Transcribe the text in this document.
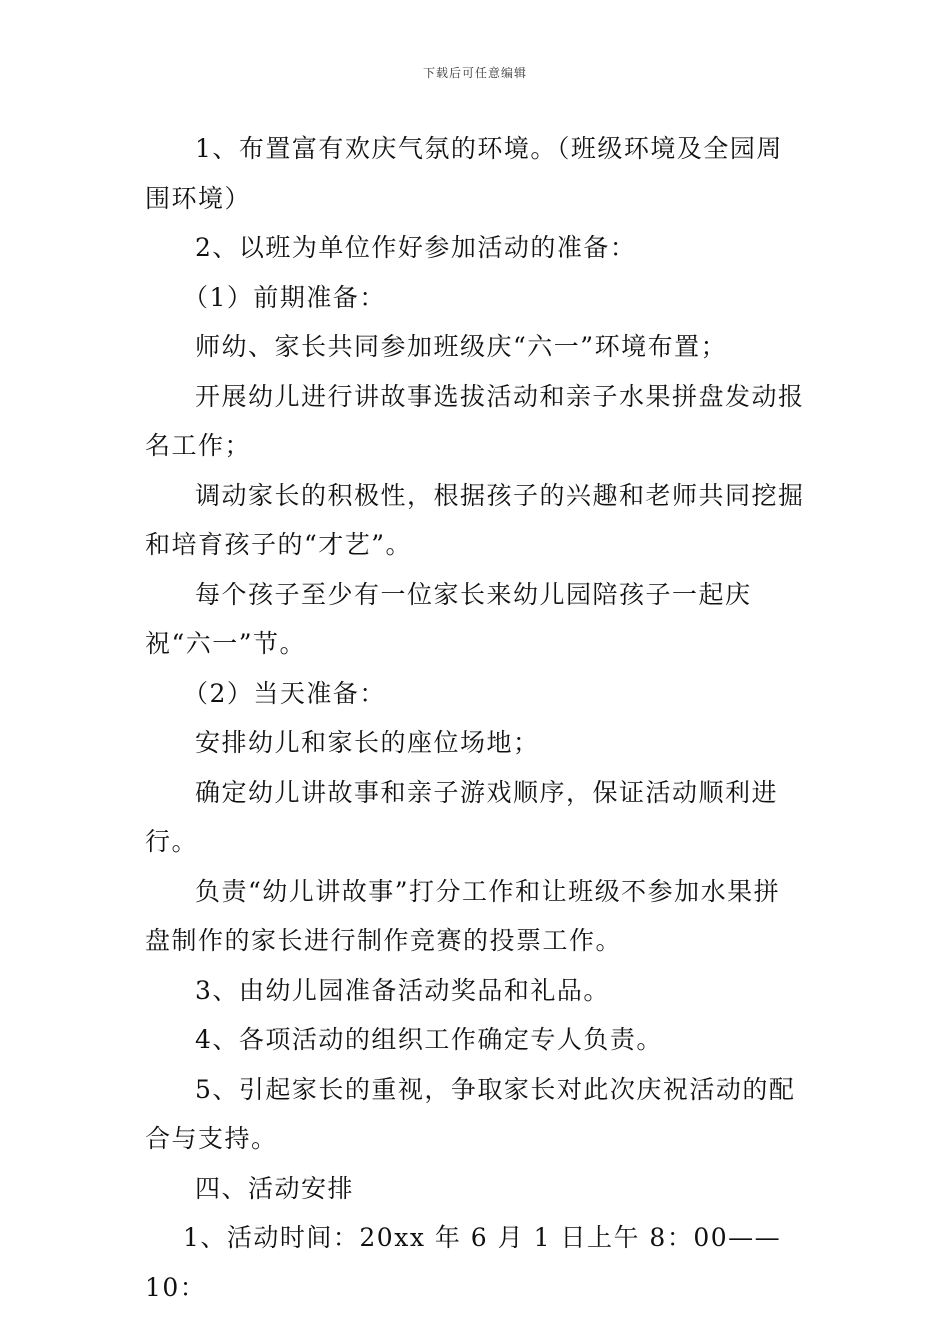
下载后可任意编辑

1、布置富有欢庆气氛的环境。（班级环境及全园周围环境）

2、以班为单位作好参加活动的准备：

（1）前期准备：

师幼、家长共同参加班级庆“六一”环境布置；

开展幼儿进行讲故事选拔活动和亲子水果拼盘发动报名工作；

调动家长的积极性，根据孩子的兴趣和老师共同挖掘和培育孩子的“才艺”。

每个孩子至少有一位家长来幼儿园陪孩子一起庆祝“六一”节。

（2）当天准备：

安排幼儿和家长的座位场地；

确定幼儿讲故事和亲子游戏顺序，保证活动顺利进行。

负责“幼儿讲故事”打分工作和让班级不参加水果拼盘制作的家长进行制作竞赛的投票工作。

3、由幼儿园准备活动奖品和礼品。

4、各项活动的组织工作确定专人负责。

5、引起家长的重视，争取家长对此次庆祝活动的配合与支持。

四、活动安排

1、活动时间：20xx 年 6 月 1 日上午 8：00——10：
